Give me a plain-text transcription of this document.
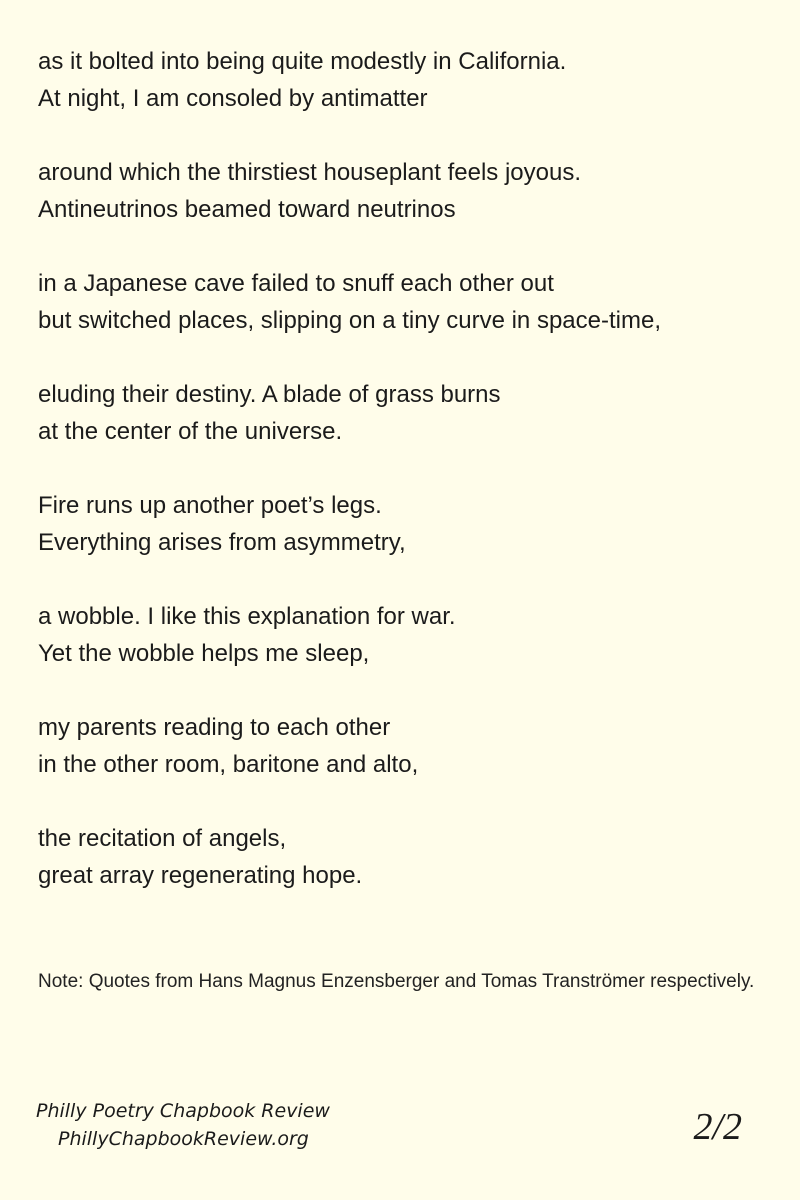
as it bolted into being quite modestly in California.
At night, I am consoled by antimatter
around which the thirstiest houseplant feels joyous.
Antineutrinos beamed toward neutrinos
in a Japanese cave failed to snuff each other out
but switched places, slipping on a tiny curve in space-time,
eluding their destiny. A blade of grass burns
at the center of the universe.
Fire runs up another poet’s legs.
Everything arises from asymmetry,
a wobble. I like this explanation for war.
Yet the wobble helps me sleep,
my parents reading to each other
in the other room, baritone and alto,
the recitation of angels,
great array regenerating hope.
Note: Quotes from Hans Magnus Enzensberger and Tomas Tranströmer respectively.
Philly Poetry Chapbook Review
PhillyChapbookReview.org	2/2
